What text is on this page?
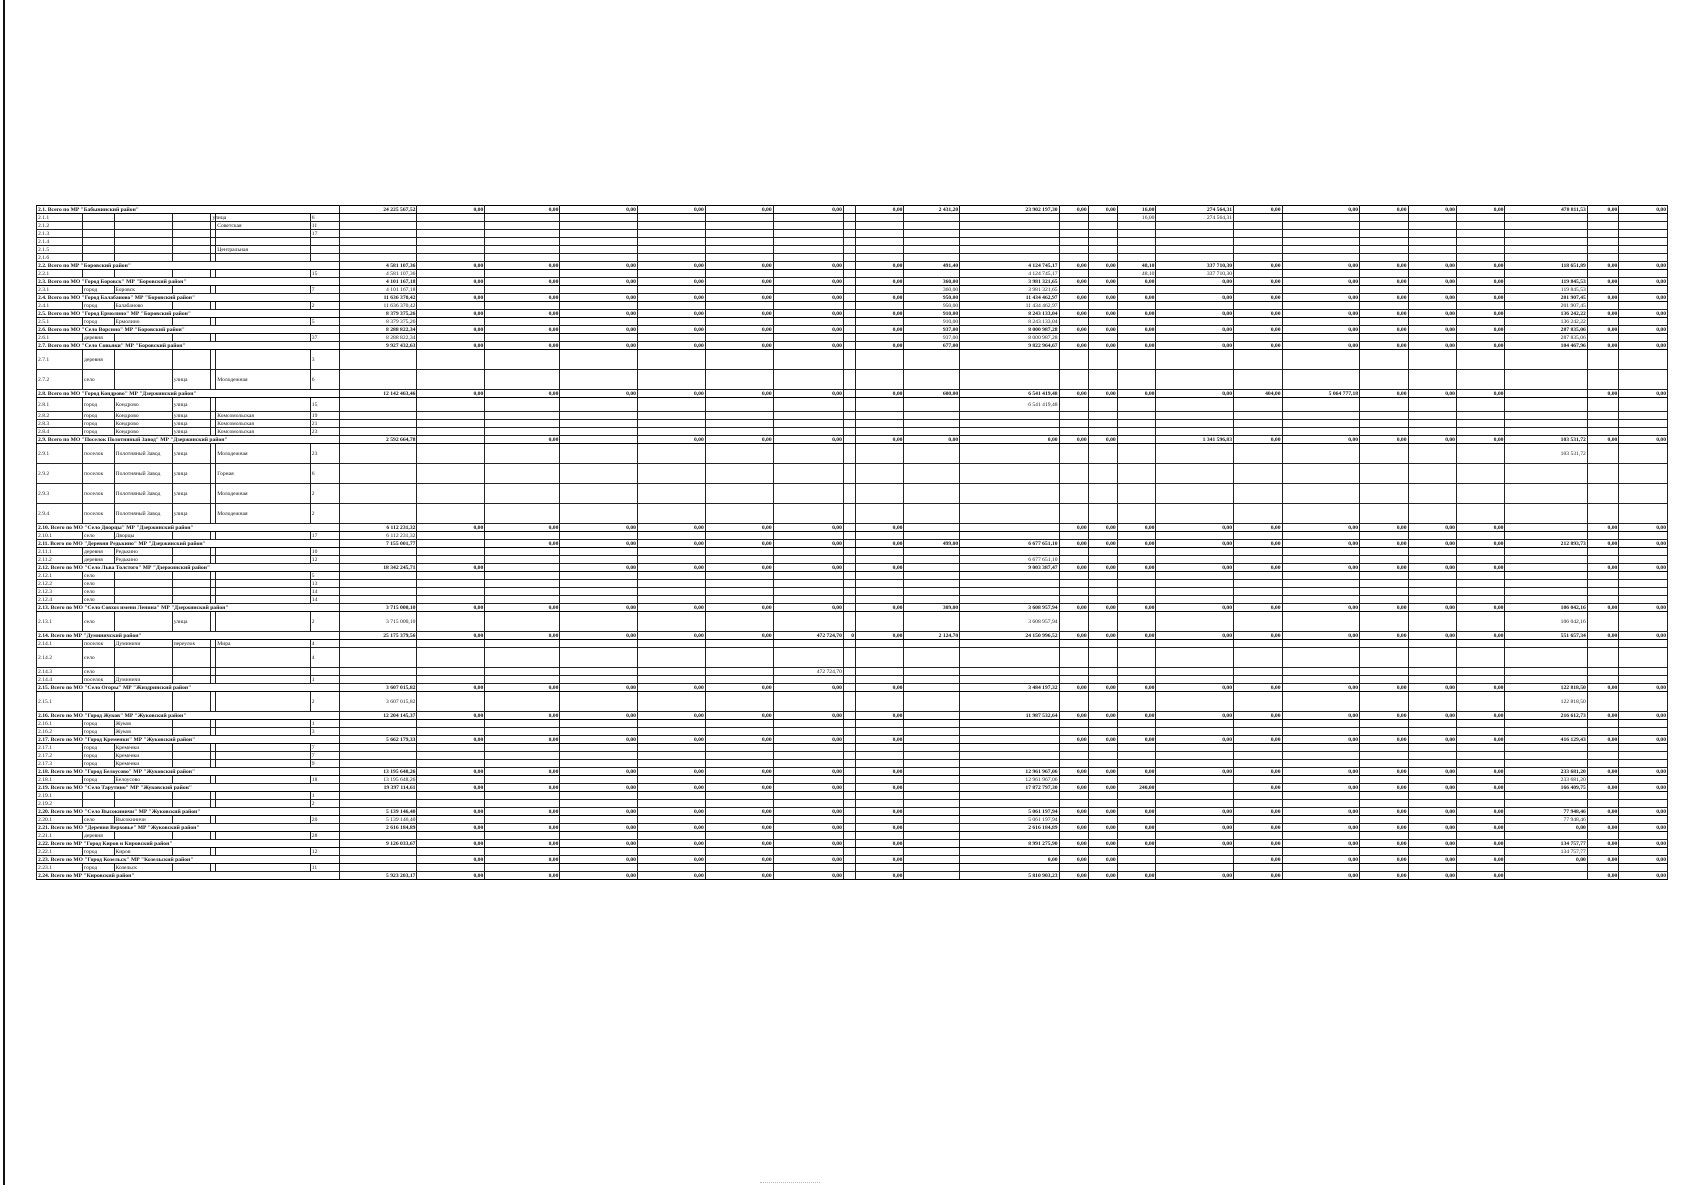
2.1. Всего по МР "Бабынинский район"							24 225 567,52	0,00	0,00	0,00	0,00	0,00	0,00		0,00	2 431,20	23 902 197,30	0,00	0,00	16,00	274 564,31	0,00	0,00	0,00	0,00	0,00	478 811,53	0,00	0,00
2.1.1				улица		6														16,00	274 564,31								
2.1.2					Советская	11																							
2.1.3						17																							
2.1.4																													
2.1.5					Центральная																								
2.1.6																													
2.2. Всего по МР "Боровский район"							4 581 107,36	0,00	0,00	0,00	0,00	0,00	0,00		0,00	491,40	4 124 745,17	0,00	0,00	48,10	337 710,30	0,00	0,00	0,00	0,00	0,00	118 651,89	0,00	0,00
2.2.1						15	4 581 107,36										4 124 745,17			48,10	337 710,30								
2.3. Всего по МО "Город Боровск" МР "Боровский район"							4 101 167,18	0,00	0,00	0,00	0,00	0,00	0,00		0,00	360,00	3 981 321,65	0,00	0,00	0,00	0,00	0,00	0,00	0,00	0,00	0,00	119 845,53	0,00	0,00
2.3.1	город	Боровск				7	4 101 167,18									360,00	3 981 321,65										119 845,53		
2.4. Всего по МО "Город Балабаново" МР "Боровский район"							11 636 370,42	0,00	0,00	0,00	0,00	0,00	0,00		0,00	950,00	11 434 462,97	0,00	0,00	0,00	0,00	0,00	0,00	0,00	0,00	0,00	201 907,45	0,00	0,00
2.4.1	город	Балабаново				2	11 636 370,42									950,00	11 434 462,97										201 907,45		
2.5. Всего по МО "Город Ермолино" МР "Боровский район"							8 379 375,26	0,00	0,00	0,00	0,00	0,00	0,00		0,00	910,00	8 243 133,04	0,00	0,00	0,00	0,00	0,00	0,00	0,00	0,00	0,00	136 242,22	0,00	0,00
2.5.1	город	Ермолино				5	8 379 375,26									910,00	8 243 133,04										136 242,22		
2.6. Всего по МО "Село Ворсино" МР "Боровский район"							8 288 822,34	0,00	0,00	0,00	0,00	0,00	0,00		0,00	937,00	8 000 987,28	0,00	0,00	0,00	0,00	0,00	0,00	0,00	0,00	0,00	287 835,06	0,00	0,00
2.6.1	деревня					37	8 288 822,34									937,00	8 000 987,28										287 835,06		
2.7. Всего по МО "Село Совьяки" МР "Боровский район"							9 927 432,63	0,00	0,00	0,00	0,00	0,00	0,00		0,00	677,00	9 822 964,67	0,00	0,00	0,00	0,00	0,00	0,00	0,00	0,00	0,00	104 467,96	0,00	0,00
2.7.1	деревня					3																							
2.7.2	село		улица		Молодежная	6																							
2.8. Всего по МО "Город Кондрово" МР "Дзержинский район"							12 142 463,46	0,00	0,00	0,00	0,00	0,00	0,00		0,00	600,00	6 541 419,48	0,00	0,00	0,00	0,00	404,00	5 064 777,18	0,00	0,00	0,00		0,00	0,00
2.8.1	город	Кондрово	улица			15											6 541 419,48												
2.8.2	город	Кондрово	улица		Комсомольская	19																							
2.8.3	город	Кондрово	улица		Комсомольская	21																							
2.8.4	город	Кондрово	улица		Комсомольская	23																							
2.9. Всего по МО "Поселок Полотняный Завод" МР "Дзержинский район"							2 592 664,78		0,00		0,00	0,00	0,00		0,00	0,00	0,00	0,00	0,00		1 341 596,83	0,00	0,00	0,00	0,00	0,00	103 531,72	0,00	0,00
2.9.1	поселок	Полотняный Завод	улица		Молодежная	23																					103 531,72		
2.9.2	поселок	Полотняный Завод	улица		Горная	6																							
2.9.3	поселок	Полотняный Завод	улица		Молодежная	2																							
2.9.4	поселок	Полотняный Завод	улица		Молодежная	2																							
2.10. Всего по МО "Село Дворцы" МР "Дзержинский район"							6 112 231,32	0,00	0,00	0,00	0,00	0,00	0,00		0,00			0,00	0,00	0,00	0,00	0,00	0,00	0,00	0,00	0,00		0,00	0,00
2.10.1	село	Дворцы				17	6 112 231,32																						
2.11. Всего по МО "Деревня Редькино" МР "Дзержинский район"							7 155 001,77		0,00	0,00	0,00	0,00	0,00		0,00	499,00	6 677 651,10	0,00	0,00	0,00	0,00	0,00	0,00	0,00	0,00	0,00	212 893,73	0,00	0,00
2.11.1	деревня	Редькино				10																							
2.11.2	деревня	Редькино				12											6 677 651,10												
2.12. Всего по МО "Село Льва Толстого" МР "Дзержинский район"							18 342 245,71	0,00		0,00	0,00	0,00	0,00		0,00		9 003 387,47	0,00	0,00	0,00	0,00	0,00	0,00	0,00	0,00	0,00		0,00	0,00
2.12.1	село					5																							
2.12.2	село					13																							
2.12.3	село					14																							
2.12.4	село					14																							
2.13. Всего по МО "Село Совхоз имени Ленина" МР "Дзержинский район"							3 715 000,10	0,00	0,00	0,00	0,00	0,00	0,00		0,00	309,00	3 608 957,94	0,00	0,00	0,00	0,00	0,00	0,00	0,00	0,00	0,00	106 042,16	0,00	0,00
2.13.1	село		улица			2	3 715 000,10										3 608 957,94										106 042,16		
2.14. Всего по МР "Думиничский район"							25 175 379,56	0,00	0,00	0,00	0,00	0,00	472 724,70	0	0,00	2 124,70	24 150 996,52	0,00	0,00	0,00	0,00	0,00	0,00	0,00	0,00	0,00	551 657,34	0,00	0,00
2.14.1	поселок	Думиничи	переулок		Мира	4																							
2.14.2	село					4																							
2.14.3	село												472 724,70																
2.14.4	поселок	Думиничи				1																							
2.15. Всего по МО "Село Огоры" МР "Жиздринский район"							3 607 015,82	0,00	0,00	0,00	0,00	0,00	0,00		0,00		3 484 197,32	0,00	0,00	0,00	0,00	0,00	0,00	0,00	0,00	0,00	122 818,50	0,00	0,00
2.15.1						2	3 607 015,82																				122 818,50		
2.16. Всего по МО "Город Жуков" МР "Жуковский район"							12 204 145,37	0,00	0,00	0,00	0,00	0,00	0,00		0,00		11 987 532,64	0,00	0,00	0,00	0,00	0,00	0,00	0,00	0,00	0,00	216 612,73	0,00	0,00
2.16.1	город	Жуков				1																							
2.16.2	город	Жуков				3																							
2.17. Всего по МО "Город Кременки" МР "Жуковский район"							5 662 179,33	0,00	0,00	0,00	0,00	0,00	0,00		0,00			0,00	0,00	0,00	0,00	0,00	0,00	0,00	0,00	0,00	416 129,43	0,00	0,00
2.17.1	город	Кременки				7																							
2.17.2	город	Кременки				7																							
2.17.3	город	Кременки				9																							
2.18. Всего по МО "Город Белоусово" МР "Жуковский район"							13 195 648,26	0,00	0,00	0,00	0,00	0,00	0,00		0,00		12 961 967,06	0,00	0,00	0,00	0,00	0,00	0,00	0,00	0,00	0,00	233 681,20	0,00	0,00
2.18.1	город	Белоусово				18	13 195 648,26										12 961 967,06										233 681,20		
2.19. Всего по МО "Село Тарутино" МР "Жуковский район"							19 397 114,61	0,00	0,00	0,00	0,00	0,00	0,00		0,00		17 872 797,30	0,00	0,00	240,00		0,00	0,00	0,00	0,00	0,00	166 409,75	0,00	0,00
2.19.1						1																							
2.19.2						2																							
2.20. Всего по МО "Село Высокиничи" МР "Жуковский район"							5 139 146,40	0,00	0,00	0,00	0,00	0,00	0,00		0,00		5 061 197,94	0,00	0,00	0,00	0,00	0,00	0,00	0,00	0,00	0,00	77 948,46	0,00	0,00
2.20.1	село	Высокиничи				20	5 139 146,40										5 061 197,94										77 948,46		
2.21. Всего по МО "Деревня Верховье" МР "Жуковский район"							2 616 184,89	0,00	0,00	0,00	0,00	0,00	0,00		0,00		2 616 184,89	0,00	0,00	0,00	0,00	0,00	0,00	0,00	0,00	0,00	0,00	0,00	0,00
2.21.1	деревня					28																							
2.22. Всего по МР "Город Киров и Кировский район"							9 126 033,67	0,00	0,00	0,00	0,00	0,00	0,00		0,00		8 991 275,90	0,00	0,00	0,00	0,00	0,00	0,00	0,00	0,00	0,00	134 757,77	0,00	0,00
2.22.1	город	Киров				12																					134 757,77		
2.23. Всего по МО "Город Козельск" МР "Козельский район"								0,00	0,00	0,00	0,00	0,00	0,00		0,00		0,00	0,00	0,00			0,00	0,00	0,00	0,00	0,00	0,00	0,00	0,00
2.23.1	город	Козельск				11																							
2.24. Всего по МР "Кировский район"							5 923 203,17	0,00	0,00	0,00	0,00	0,00	0,00		0,00		5 810 903,23	0,00	0,00	0,00	0,00	0,00	0,00	0,00	0,00	0,00		0,00	0,00
